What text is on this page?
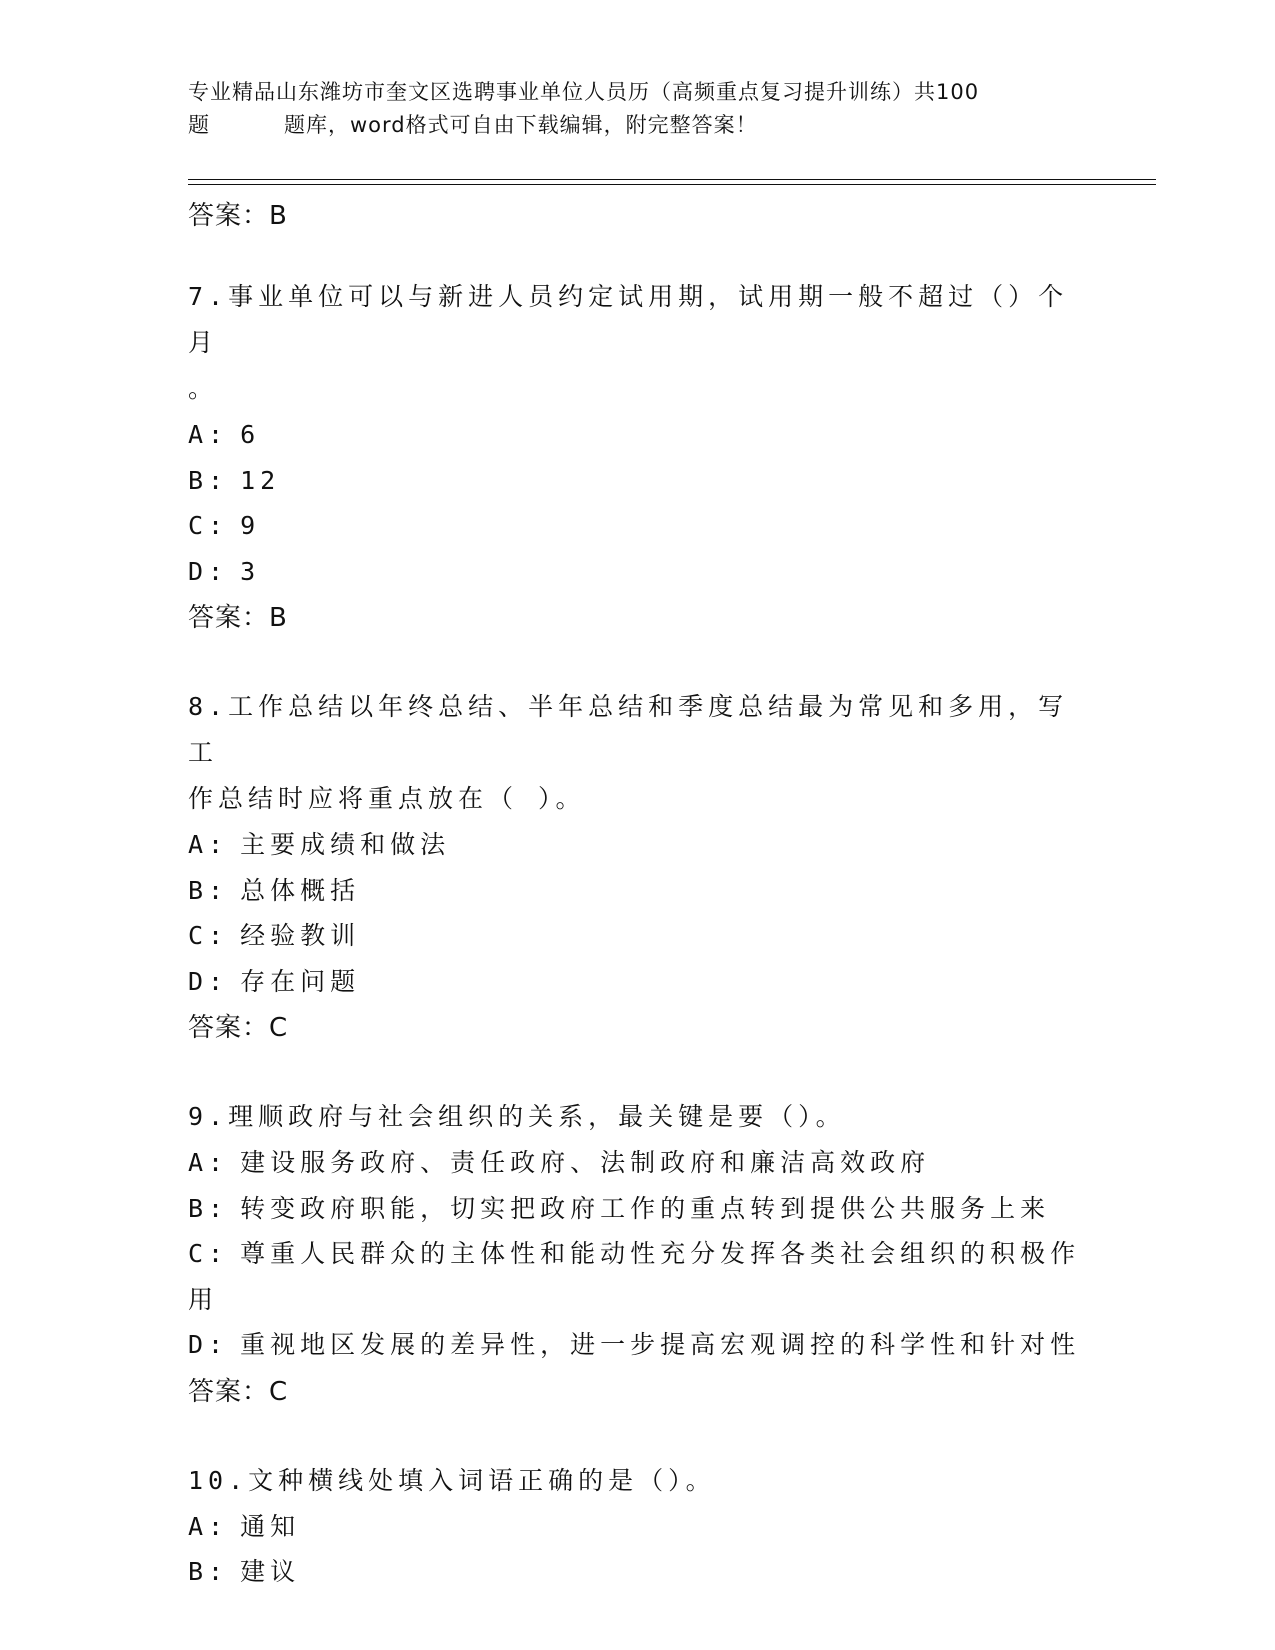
专业精品山东潍坊市奎文区选聘事业单位人员历（高频重点复习提升训练）共100
题	题库，word格式可自由下载编辑，附完整答案！
答案：B
7.事业单位可以与新进人员约定试用期，试用期一般不超过（）个月
。
A: 6
B: 12
C: 9
D: 3
答案：B
8.工作总结以年终总结、半年总结和季度总结最为常见和多用，写工
作总结时应将重点放在（ ）。
A: 主要成绩和做法
B: 总体概括
C: 经验教训
D: 存在问题
答案：C
9.理顺政府与社会组织的关系，最关键是要（）。
A: 建设服务政府、责任政府、法制政府和廉洁高效政府
B: 转变政府职能，切实把政府工作的重点转到提供公共服务上来
C: 尊重人民群众的主体性和能动性充分发挥各类社会组织的积极作用
D: 重视地区发展的差异性，进一步提高宏观调控的科学性和针对性
答案：C
10.文种横线处填入词语正确的是（）。
A: 通知
B: 建议
